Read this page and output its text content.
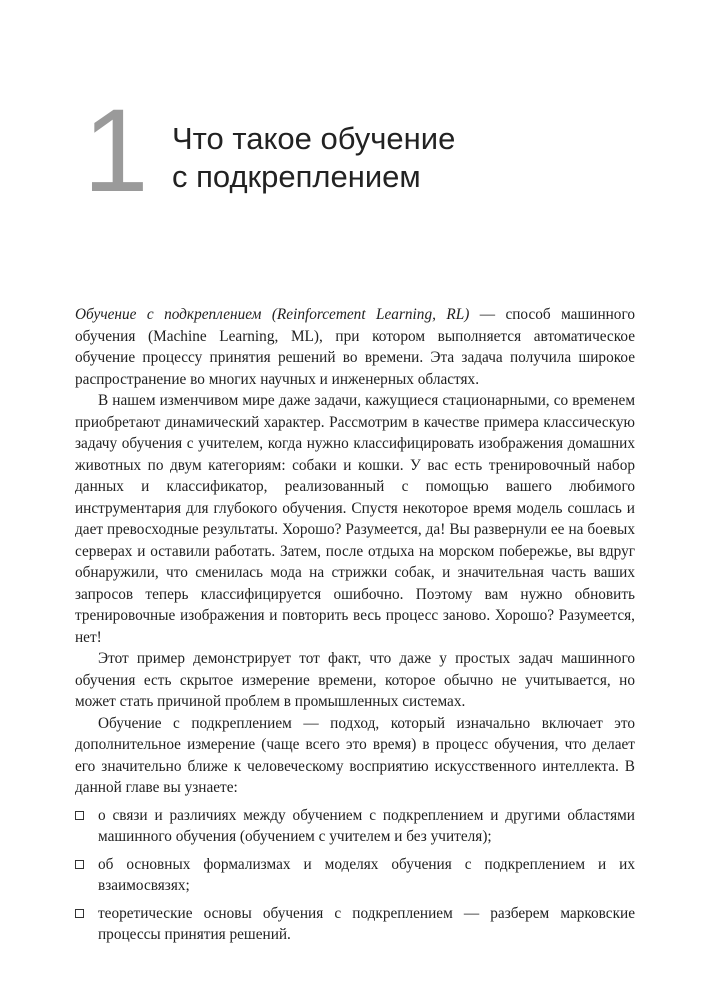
1 Что такое обучение
с подкреплением

Обучение с подкреплением (Reinforcement Learning, RL) — способ машинного обучения (Machine Learning, ML), при котором выполняется автоматическое обучение процессу принятия решений во времени. Эта задача получила широкое распространение во многих научных и инженерных областях.

В нашем изменчивом мире даже задачи, кажущиеся стационарными, со временем приобретают динамический характер. Рассмотрим в качестве примера классическую задачу обучения с учителем, когда нужно классифицировать изображения домашних животных по двум категориям: собаки и кошки. У вас есть тренировочный набор данных и классификатор, реализованный с помощью вашего любимого инструментария для глубокого обучения. Спустя некоторое время модель сошлась и дает превосходные результаты. Хорошо? Разумеется, да! Вы развернули ее на боевых серверах и оставили работать. Затем, после отдыха на морском побережье, вы вдруг обнаружили, что сменилась мода на стрижки собак, и значительная часть ваших запросов теперь классифицируется ошибочно. Поэтому вам нужно обновить тренировочные изображения и повторить весь процесс заново. Хорошо? Разумеется, нет!

Этот пример демонстрирует тот факт, что даже у простых задач машинного обучения есть скрытое измерение времени, которое обычно не учитывается, но может стать причиной проблем в промышленных системах.

Обучение с подкреплением — подход, который изначально включает это дополнительное измерение (чаще всего это время) в процесс обучения, что делает его значительно ближе к человеческому восприятию искусственного интеллекта. В данной главе вы узнаете:

о связи и различиях между обучением с подкреплением и другими областями машинного обучения (обучением с учителем и без учителя);
об основных формализмах и моделях обучения с подкреплением и их взаимосвязях;
теоретические основы обучения с подкреплением — разберем марковские процессы принятия решений.
